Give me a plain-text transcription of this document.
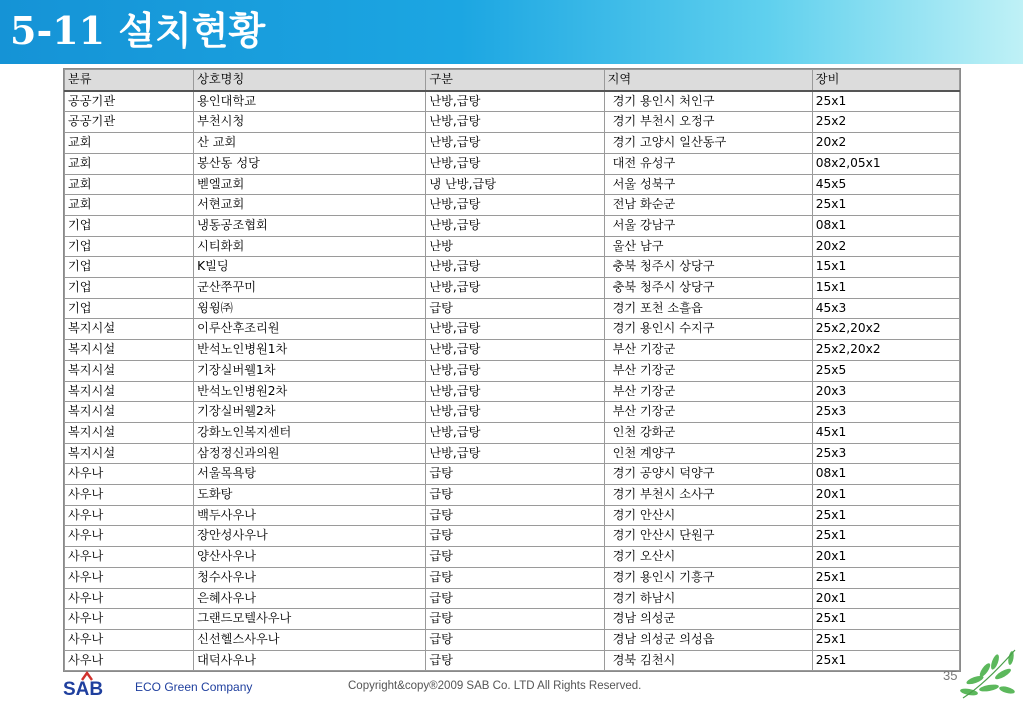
5-11 설치현황
분류	상호명칭	구분	지역	장비
공공기관	용인대학교	난방,급탕	경기 용인시 처인구	25x1
공공기관	부천시청	난방,급탕	경기 부천시 오정구	25x2
교회	산 교회	난방,급탕	경기 고양시 일산동구	20x2
교회	봉산동 성당	난방,급탕	대전 유성구	08x2,05x1
교회	벧엘교회	냉 난방,급탕	서울 성북구	45x5
교회	서현교회	난방,급탕	전남 화순군	25x1
기업	냉동공조협회	난방,급탕	서울 강남구	08x1
기업	시티화회	난방	울산 남구	20x2
기업	K빌딩	난방,급탕	충북 청주시 상당구	15x1
기업	군산쭈꾸미	난방,급탕	충북 청주시 상당구	15x1
기업	윙윙㈜	급탕	경기 포천 소흘읍	45x3
복지시설	이루산후조리원	난방,급탕	경기 용인시 수지구	25x2,20x2
복지시설	반석노인병원1차	난방,급탕	부산 기장군	25x2,20x2
복지시설	기장실버웰1차	난방,급탕	부산 기장군	25x5
복지시설	반석노인병원2차	난방,급탕	부산 기장군	20x3
복지시설	기장실버웰2차	난방,급탕	부산 기장군	25x3
복지시설	강화노인복지센터	난방,급탕	인천 강화군	45x1
복지시설	삼정정신과의원	난방,급탕	인천 계양구	25x3
사우나	서울목욕탕	급탕	경기 공양시 덕양구	08x1
사우나	도화탕	급탕	경기 부천시 소사구	20x1
사우나	백두사우나	급탕	경기 안산시	25x1
사우나	장안성사우나	급탕	경기 안산시 단원구	25x1
사우나	양산사우나	급탕	경기 오산시	20x1
사우나	청수사우나	급탕	경기 용인시 기흥구	25x1
사우나	은혜사우나	급탕	경기 하남시	20x1
사우나	그랜드모텔사우나	급탕	경남 의성군	25x1
사우나	신선헬스사우나	급탕	경남 의성군 의성읍	25x1
사우나	대덕사우나	급탕	경북 김천시	25x1
SAB	ECO Green Company	Copyright&copy®2009 SAB Co. LTD All Rights Reserved.
35
